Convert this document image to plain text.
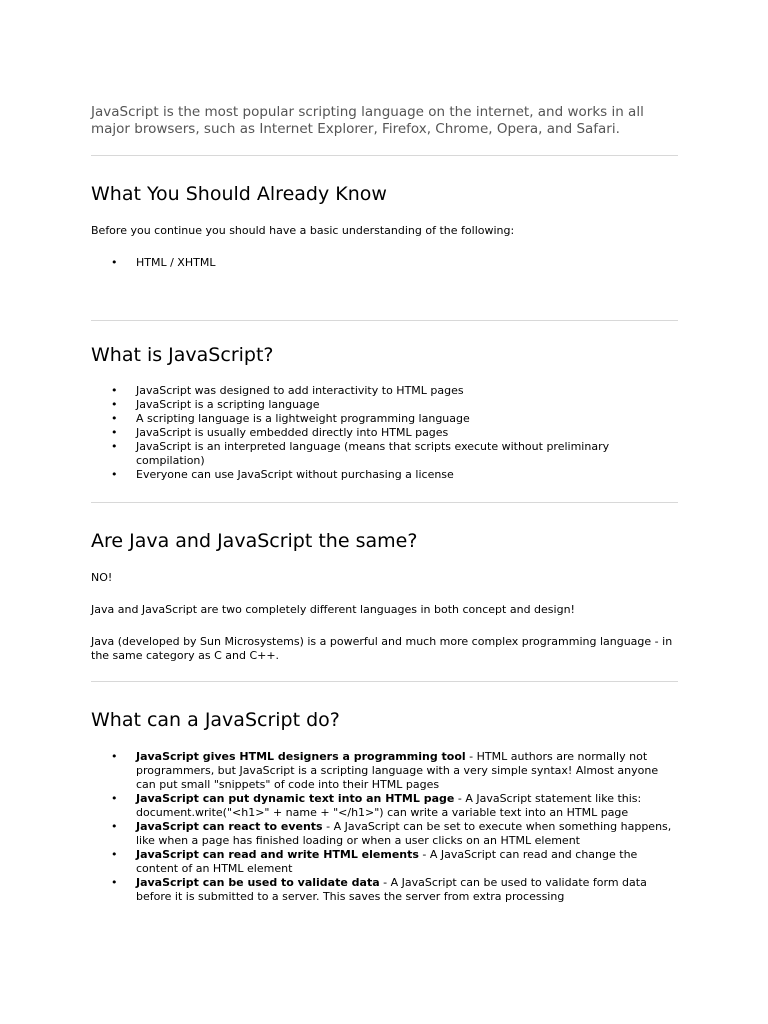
JavaScript is the most popular scripting language on the internet, and works in all major browsers, such as Internet Explorer, Firefox, Chrome, Opera, and Safari.

What You Should Already Know

Before you continue you should have a basic understanding of the following:

• HTML / XHTML
What is JavaScript?
• JavaScript was designed to add interactivity to HTML pages
• JavaScript is a scripting language
• A scripting language is a lightweight programming language
• JavaScript is usually embedded directly into HTML pages
• JavaScript is an interpreted language (means that scripts execute without preliminary compilation)
• Everyone can use JavaScript without purchasing a license
Are Java and JavaScript the same?

NO!

Java and JavaScript are two completely different languages in both concept and design!

Java (developed by Sun Microsystems) is a powerful and much more complex programming language - in the same category as C and C++.

What can a JavaScript do?
• JavaScript gives HTML designers a programming tool - HTML authors are normally not programmers, but JavaScript is a scripting language with a very simple syntax! Almost anyone can put small "snippets" of code into their HTML pages
• JavaScript can put dynamic text into an HTML page - A JavaScript statement like this: document.write("<h1>" + name + "</h1>") can write a variable text into an HTML page
• JavaScript can react to events - A JavaScript can be set to execute when something happens, like when a page has finished loading or when a user clicks on an HTML element
• JavaScript can read and write HTML elements - A JavaScript can read and change the content of an HTML element
• JavaScript can be used to validate data - A JavaScript can be used to validate form data before it is submitted to a server. This saves the server from extra processing
